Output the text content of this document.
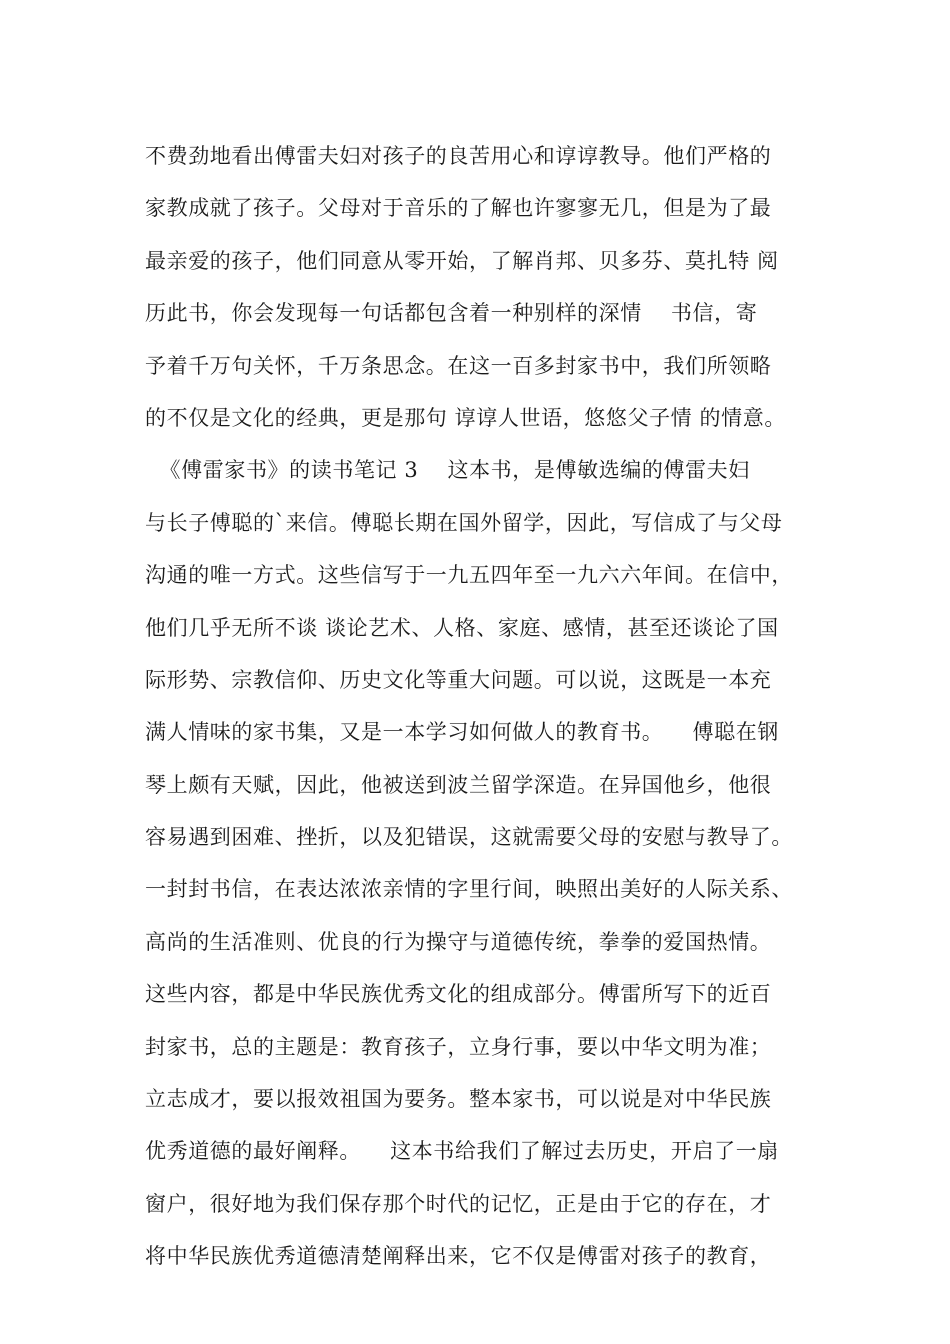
不费劲地看出傅雷夫妇对孩子的良苦用心和谆谆教导。他们严格的
家教成就了孩子。父母对于音乐的了解也许寥寥无几，但是为了最
最亲爱的孩子，他们同意从零开始，了解肖邦、贝多芬、莫扎特 阅
历此书，你会发现每一句话都包含着一种别样的深情    书信，寄
予着千万句关怀，千万条思念。在这一百多封家书中，我们所领略
的不仅是文化的经典，更是那句 谆谆人世语，悠悠父子情 的情意。
《傅雷家书》的读书笔记 3    这本书，是傅敏选编的傅雷夫妇
与长子傅聪的`来信。傅聪长期在国外留学，因此，写信成了与父母
沟通的唯一方式。这些信写于一九五四年至一九六六年间。在信中，
他们几乎无所不谈 谈论艺术、人格、家庭、感情，甚至还谈论了国
际形势、宗教信仰、历史文化等重大问题。可以说，这既是一本充
满人情味的家书集，又是一本学习如何做人的教育书。    傅聪在钢
琴上颇有天赋，因此，他被送到波兰留学深造。在异国他乡，他很
容易遇到困难、挫折，以及犯错误，这就需要父母的安慰与教导了。
一封封书信，在表达浓浓亲情的字里行间，映照出美好的人际关系、
高尚的生活准则、优良的行为操守与道德传统，拳拳的爱国热情。
这些内容，都是中华民族优秀文化的组成部分。傅雷所写下的近百
封家书，总的主题是：教育孩子，立身行事，要以中华文明为准；
立志成才，要以报效祖国为要务。整本家书，可以说是对中华民族
优秀道德的最好阐释。    这本书给我们了解过去历史，开启了一扇
窗户，很好地为我们保存那个时代的记忆，正是由于它的存在，才
将中华民族优秀道德清楚阐释出来，它不仅是傅雷对孩子的教育，
